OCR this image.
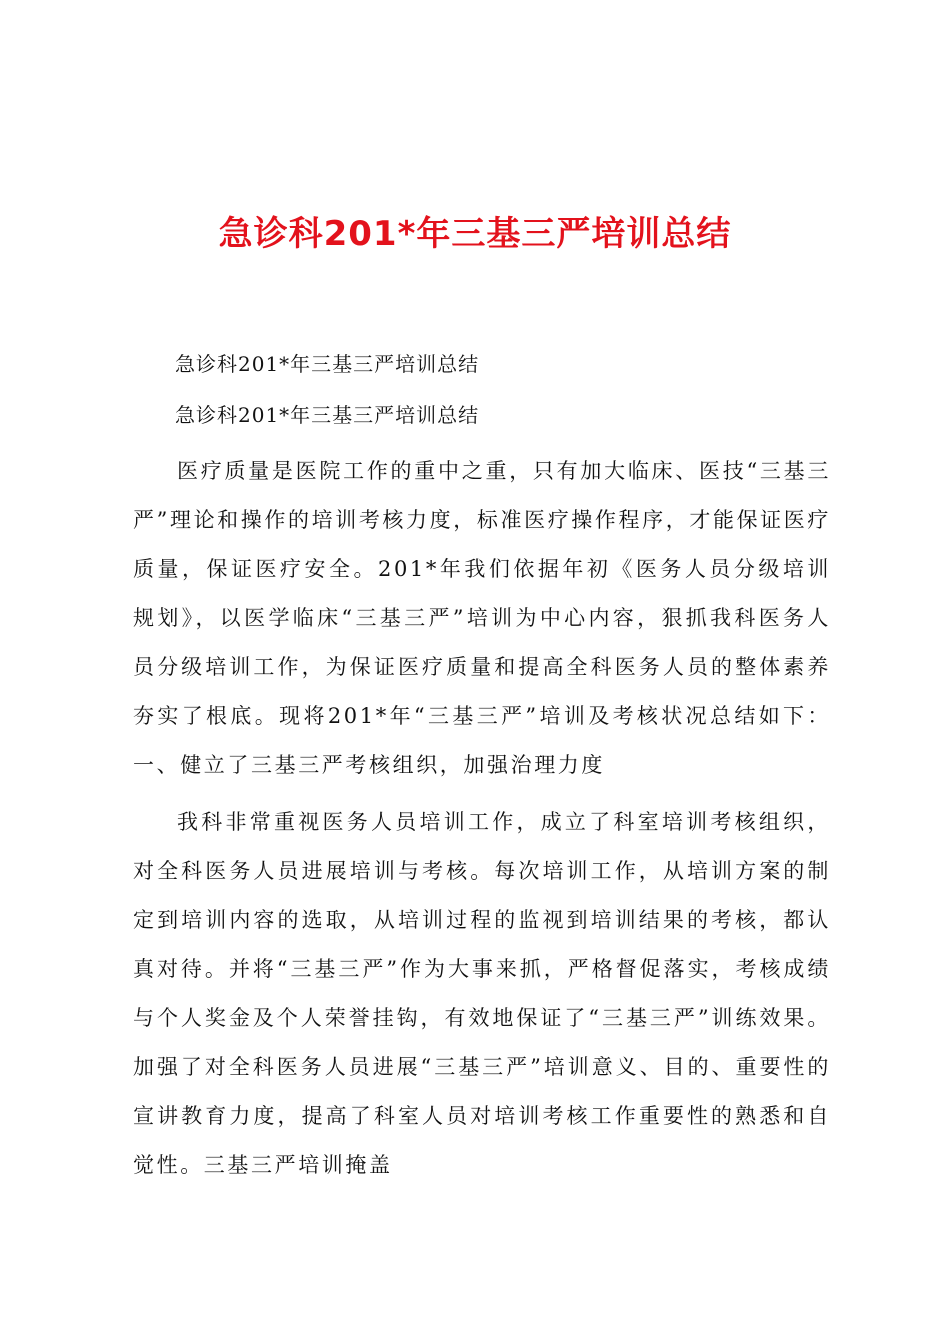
急诊科201*年三基三严培训总结

急诊科201*年三基三严培训总结

急诊科201*年三基三严培训总结

医疗质量是医院工作的重中之重，只有加大临床、医技“三基三严”理论和操作的培训考核力度，标准医疗操作程序，才能保证医疗质量，保证医疗安全。201*年我们依据年初《医务人员分级培训规划》，以医学临床“三基三严”培训为中心内容，狠抓我科医务人员分级培训工作，为保证医疗质量和提高全科医务人员的整体素养夯实了根底。现将201*年“三基三严”培训及考核状况总结如下：一、健立了三基三严考核组织，加强治理力度

我科非常重视医务人员培训工作，成立了科室培训考核组织，对全科医务人员进展培训与考核。每次培训工作，从培训方案的制定到培训内容的选取，从培训过程的监视到培训结果的考核，都认真对待。并将“三基三严”作为大事来抓，严格督促落实，考核成绩与个人奖金及个人荣誉挂钩，有效地保证了“三基三严”训练效果。加强了对全科医务人员进展“三基三严”培训意义、目的、重要性的宣讲教育力度，提高了科室人员对培训考核工作重要性的熟悉和自觉性。三基三严培训掩盖
